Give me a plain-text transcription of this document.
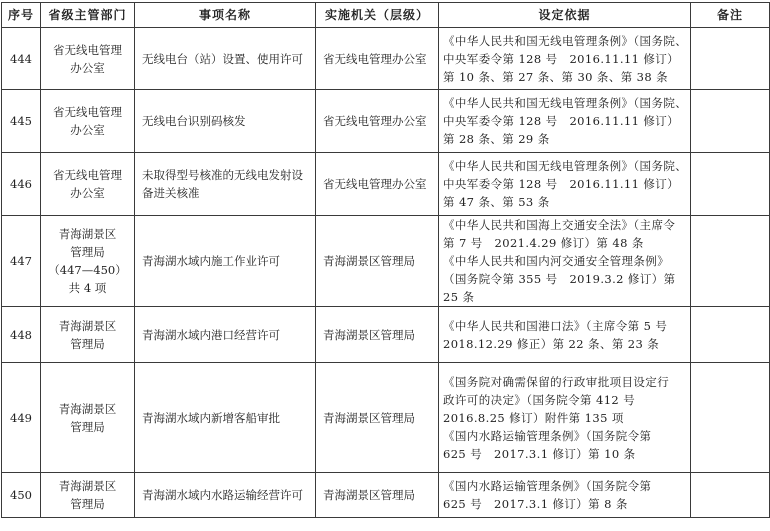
序号	省级主管部门	事项名称	实施机关（层级）	设定依据	备注
444	省无线电管理
办公室	无线电台（站）设置、使用许可	省无线电管理办公室	《中华人民共和国无线电管理条例》（国务院、
中央军委令第 128 号　2016.11.11 修订）
第 10 条、第 27 条、第 30 条、第 38 条	

445	省无线电管理
办公室	无线电台识别码核发	省无线电管理办公室	《中华人民共和国无线电管理条例》（国务院、
中央军委令第 128 号　2016.11.11 修订）
第 28 条、第 29 条	

446	省无线电管理
办公室	未取得型号核准的无线电发射设
备进关核准	省无线电管理办公室	《中华人民共和国无线电管理条例》（国务院、
中央军委令第 128 号　2016.11.11 修订）
第 47 条、第 53 条	

447	青海湖景区
管理局
（447—450）
共 4 项	青海湖水域内施工作业许可	青海湖景区管理局	《中华人民共和国海上交通安全法》（主席令
第 7 号　2021.4.29 修订）第 48 条
《中华人民共和国内河交通安全管理条例》
（国务院令第 355 号　2019.3.2 修订）第
25 条	

448	青海湖景区
管理局	青海湖水域内港口经营许可	青海湖景区管理局	《中华人民共和国港口法》（主席令第 5 号
2018.12.29 修正）第 22 条、第 23 条	

449	青海湖景区
管理局	青海湖水域内新增客船审批	青海湖景区管理局	《国务院对确需保留的行政审批项目设定行
政许可的决定》（国务院令第 412 号
2016.8.25 修订）附件第 135 项
《国内水路运输管理条例》（国务院令第
625 号　2017.3.1 修订）第 10 条	

450	青海湖景区
管理局	青海湖水域内水路运输经营许可	青海湖景区管理局	《国内水路运输管理条例》（国务院令第
625 号　2017.3.1 修订）第 8 条	
